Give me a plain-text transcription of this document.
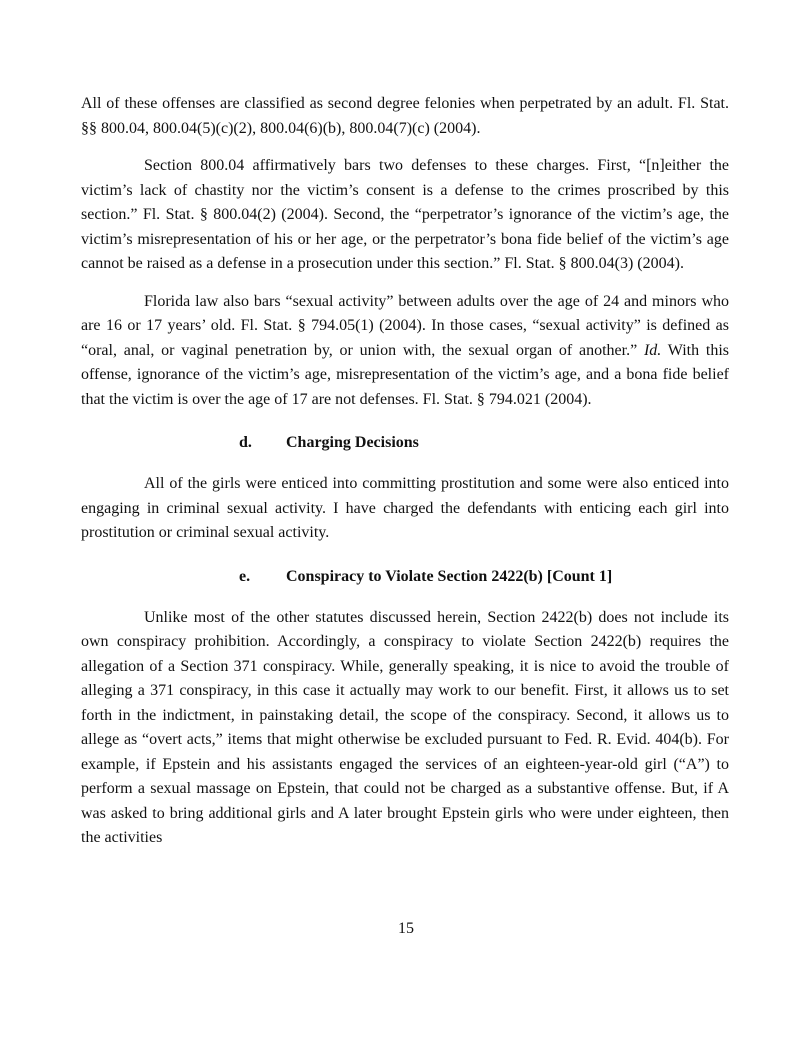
All of these offenses are classified as second degree felonies when perpetrated by an adult. Fl. Stat. §§ 800.04, 800.04(5)(c)(2), 800.04(6)(b), 800.04(7)(c) (2004).

Section 800.04 affirmatively bars two defenses to these charges. First, “[n]either the victim’s lack of chastity nor the victim’s consent is a defense to the crimes proscribed by this section.” Fl. Stat. § 800.04(2) (2004). Second, the “perpetrator’s ignorance of the victim’s age, the victim’s misrepresentation of his or her age, or the perpetrator’s bona fide belief of the victim’s age cannot be raised as a defense in a prosecution under this section.” Fl. Stat. § 800.04(3) (2004).

Florida law also bars “sexual activity” between adults over the age of 24 and minors who are 16 or 17 years’ old. Fl. Stat. § 794.05(1) (2004). In those cases, “sexual activity” is defined as “oral, anal, or vaginal penetration by, or union with, the sexual organ of another.” Id. With this offense, ignorance of the victim’s age, misrepresentation of the victim’s age, and a bona fide belief that the victim is over the age of 17 are not defenses. Fl. Stat. § 794.021 (2004).

d. Charging Decisions

All of the girls were enticed into committing prostitution and some were also enticed into engaging in criminal sexual activity. I have charged the defendants with enticing each girl into prostitution or criminal sexual activity.

e. Conspiracy to Violate Section 2422(b) [Count 1]

Unlike most of the other statutes discussed herein, Section 2422(b) does not include its own conspiracy prohibition. Accordingly, a conspiracy to violate Section 2422(b) requires the allegation of a Section 371 conspiracy. While, generally speaking, it is nice to avoid the trouble of alleging a 371 conspiracy, in this case it actually may work to our benefit. First, it allows us to set forth in the indictment, in painstaking detail, the scope of the conspiracy. Second, it allows us to allege as “overt acts,” items that might otherwise be excluded pursuant to Fed. R. Evid. 404(b). For example, if Epstein and his assistants engaged the services of an eighteen-year-old girl (“A”) to perform a sexual massage on Epstein, that could not be charged as a substantive offense. But, if A was asked to bring additional girls and A later brought Epstein girls who were under eighteen, then the activities

15
